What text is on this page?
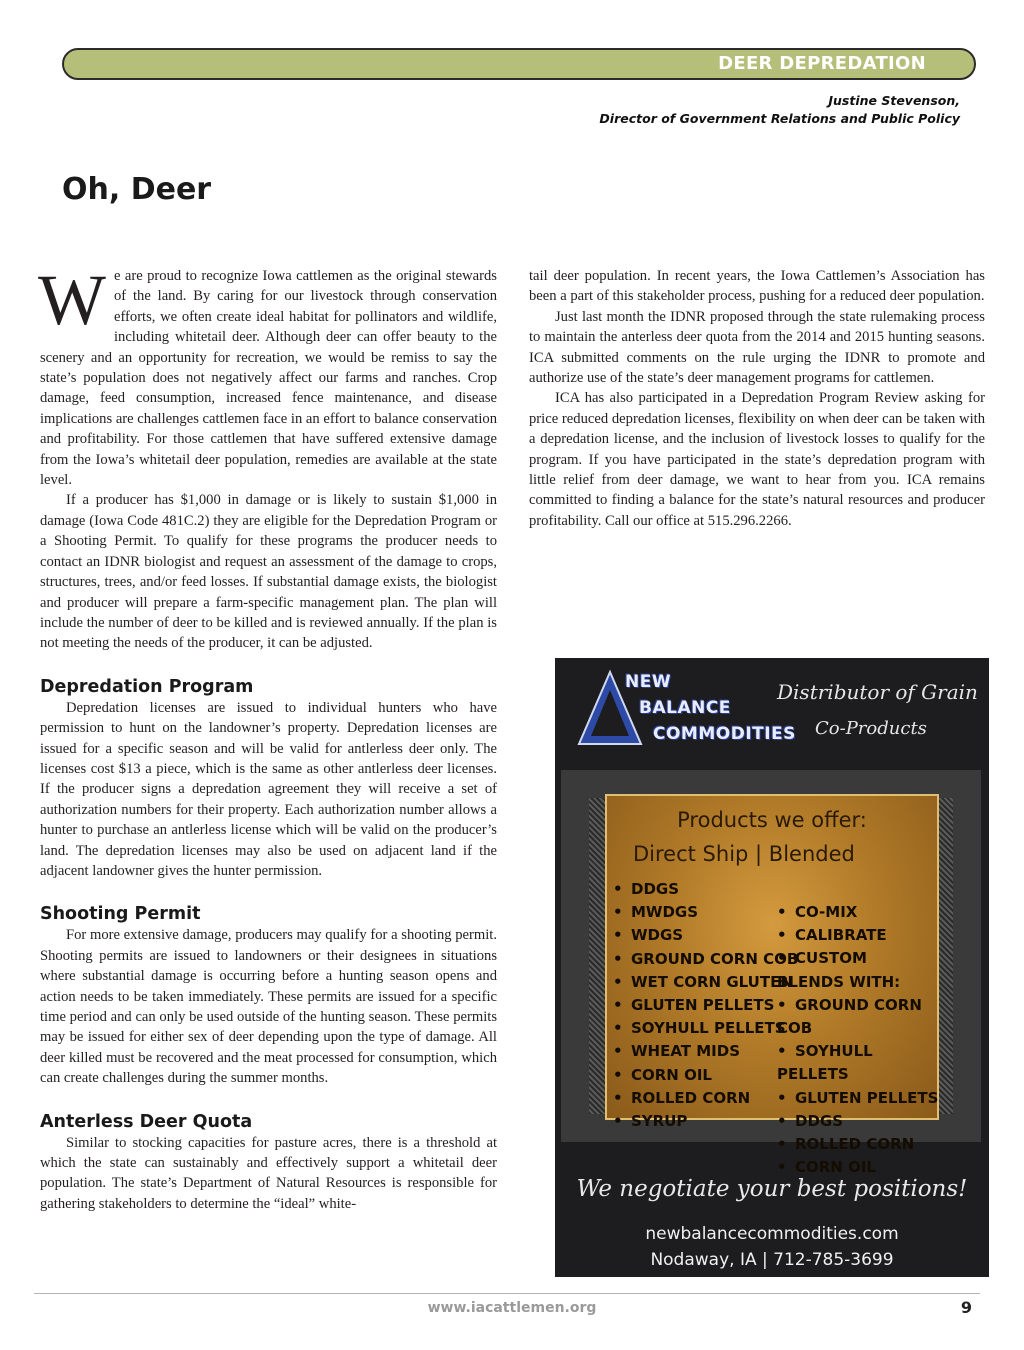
DEER DEPREDATION
Justine Stevenson,
Director of Government Relations and Public Policy
Oh, Deer

We are proud to recognize Iowa cattlemen as the original stewards of the land. By caring for our livestock through conservation efforts, we often create ideal habitat for pollinators and wildlife, including whitetail deer. Although deer can offer beauty to the scenery and an opportunity for recreation, we would be remiss to say the state’s population does not negatively affect our farms and ranches. Crop damage, feed consumption, increased fence maintenance, and disease implications are challenges cattlemen face in an effort to balance conservation and profitability. For those cattlemen that have suffered extensive damage from the Iowa’s whitetail deer population, remedies are available at the state level.

If a producer has $1,000 in damage or is likely to sustain $1,000 in damage (Iowa Code 481C.2) they are eligible for the Depredation Program or a Shooting Permit. To qualify for these programs the producer needs to contact an IDNR biologist and request an assessment of the damage to crops, structures, trees, and/or feed losses. If substantial damage exists, the biologist and producer will prepare a farm-specific management plan. The plan will include the number of deer to be killed and is reviewed annually. If the plan is not meeting the needs of the producer, it can be adjusted.

Depredation Program

Depredation licenses are issued to individual hunters who have permission to hunt on the landowner’s property. Depredation licenses are issued for a specific season and will be valid for antlerless deer only. The licenses cost $13 a piece, which is the same as other antlerless deer licenses. If the producer signs a depredation agreement they will receive a set of authorization numbers for their property. Each authorization number allows a hunter to purchase an antlerless license which will be valid on the producer’s land. The depredation licenses may also be used on adjacent land if the adjacent landowner gives the hunter permission.

Shooting Permit

For more extensive damage, producers may qualify for a shooting permit. Shooting permits are issued to landowners or their designees in situations where substantial damage is occurring before a hunting season opens and action needs to be taken immediately. These permits are issued for a specific time period and can only be used outside of the hunting season. These permits may be issued for either sex of deer depending upon the type of damage. All deer killed must be recovered and the meat processed for consumption, which can create challenges during the summer months.

Anterless Deer Quota

Similar to stocking capacities for pasture acres, there is a threshold at which the state can sustainably and effectively support a whitetail deer population. The state’s Department of Natural Resources is responsible for gathering stakeholders to determine the “ideal” white-

tail deer population. In recent years, the Iowa Cattlemen’s Association has been a part of this stakeholder process, pushing for a reduced deer population.

Just last month the IDNR proposed through the state rulemaking process to maintain the anterless deer quota from the 2014 and 2015 hunting seasons. ICA submitted comments on the rule urging the IDNR to promote and authorize use of the state’s deer management programs for cattlemen.

ICA has also participated in a Depredation Program Review asking for price reduced depredation licenses, flexibility on when deer can be taken with a depredation license, and the inclusion of livestock losses to qualify for the program. If you have participated in the state’s depredation program with little relief from deer damage, we want to hear from you. ICA remains committed to finding a balance for the state’s natural resources and producer profitability. Call our office at 515.296.2266.

NEW
BALANCE
COMMODITIES
Distributor of Grain
Co-Products
Products we offer:
Direct Ship | Blended
• DDGS
• MWDGS
• WDGS
• GROUND CORN COB
• WET CORN GLUTEN
• GLUTEN PELLETS
• SOYHULL PELLETS
• WHEAT MIDS
• CORN OIL
• ROLLED CORN
• SYRUP
• CO-MIX
• CALIBRATE
• CUSTOM BLENDS WITH:
• GROUND CORN COB
• SOYHULL PELLETS
• GLUTEN PELLETS
• DDGS
• ROLLED CORN
• CORN OIL
We negotiate your best positions!
newbalancecommodities.com
Nodaway, IA | 712-785-3699
www.iacattlemen.org	9
